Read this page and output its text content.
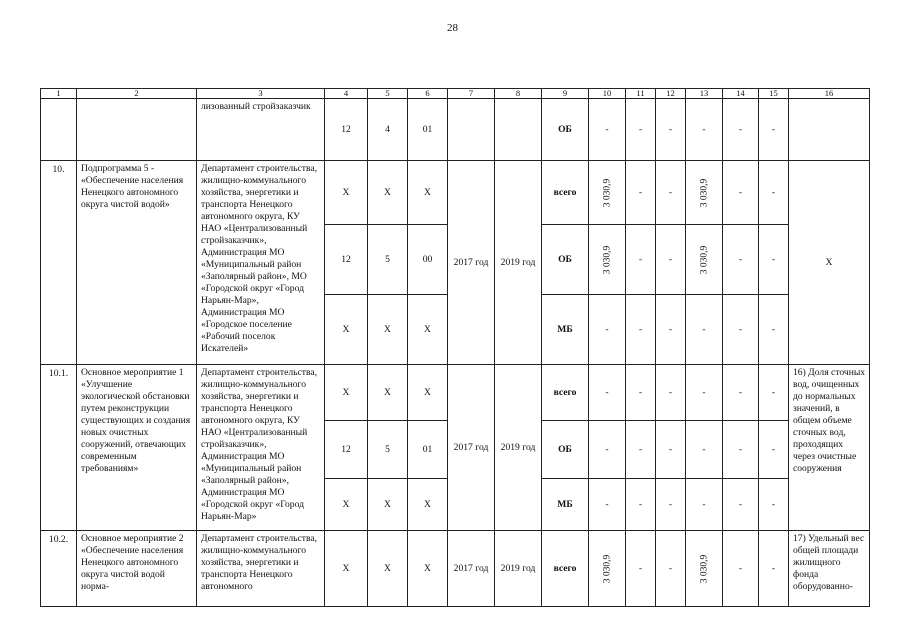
28
1	2	3	4	5	6	7	8	9	10	11	12	13	14	15	16
		лизованный стройзаказчик	12	4	01			ОБ	-	-	-	-	-	-	
10.	Подпрограмма 5 - «Обеспечение населения Ненецкого автономного округа чистой водой»	Департамент строительства, жилищно-коммунального хозяйства, энергетики и транспорта Ненецкого автономного округа, КУ НАО «Централизованный стройзаказчик», Администрация МО «Муниципальный район «Заполярный район», МО «Городской округ «Город Нарьян-Мар», Администрация МО «Городское поселение «Рабочий поселок Искателей»	X	X	X	2017 год	2019 год	всего	3 030,9	-	-	3 030,9	-	-	X
			12	5	00			ОБ	3 030,9	-	-	3 030,9	-	-	
			X	X	X			МБ	-	-	-	-	-	-	
10.1.	Основное мероприятие 1 «Улучшение экологической обстановки путем реконструкции существующих и создания новых очистных сооружений, отвечающих современным требованиям»	Департамент строительства, жилищно-коммунального хозяйства, энергетики и транспорта Ненецкого автономного округа, КУ НАО «Централизованный стройзаказчик», Администрация МО «Муниципальный район «Заполярный район», Администрация МО «Городской округ «Город Нарьян-Мар»	X	X	X	2017 год	2019 год	всего	-	-	-	-	-	-	16) Доля сточных вод, очищенных до нормальных значений, в общем объеме сточных вод, проходящих через очистные сооружения
			12	5	01			ОБ	-	-	-	-	-	-	
			X	X	X			МБ	-	-	-	-	-	-	
10.2.	Основное мероприятие 2 «Обеспечение населения Ненецкого автономного округа чистой водой норма-	Департамент строительства, жилищно-коммунального хозяйства, энергетики и транспорта Ненецкого автономного	X	X	X	2017 год	2019 год	всего	3 030,9	-	-	3 030,9	-	-	17) Удельный вес общей площади жилищного фонда оборудованно-
